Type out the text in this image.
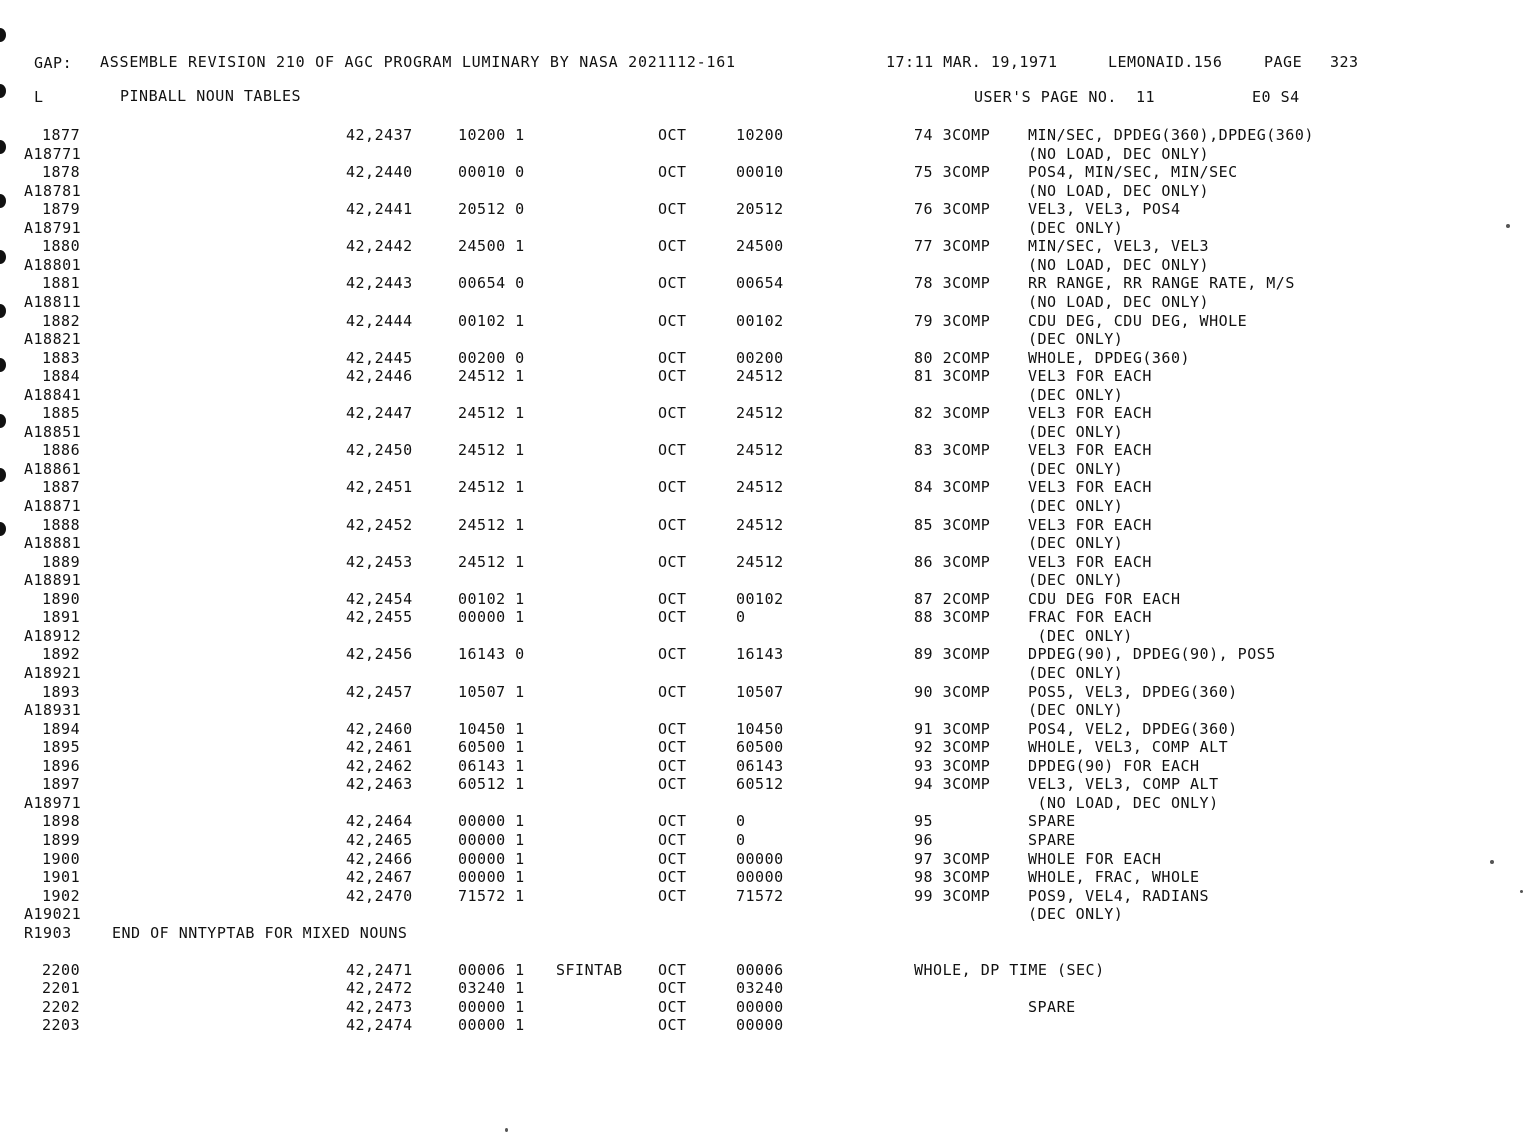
GAP: ASSEMBLE REVISION 210 OF AGC PROGRAM LUMINARY BY NASA 2021112-161	17:11 MAR. 19,1971	LEMONAID.156	PAGE 323
L	PINBALL NOUN TABLES	USER'S PAGE NO.  11	E0 S4
1877	42,2437	10200 1	OCT	10200	74 3COMP	MIN/SEC, DPDEG(360),DPDEG(360)
A18771	(NO LOAD, DEC ONLY)
1878	42,2440	00010 0	OCT	00010	75 3COMP	POS4, MIN/SEC, MIN/SEC
A18781	(NO LOAD, DEC ONLY)
1879	42,2441	20512 0	OCT	20512	76 3COMP	VEL3, VEL3, POS4
A18791	(DEC ONLY)
1880	42,2442	24500 1	OCT	24500	77 3COMP	MIN/SEC, VEL3, VEL3
A18801	(NO LOAD, DEC ONLY)
1881	42,2443	00654 0	OCT	00654	78 3COMP	RR RANGE, RR RANGE RATE, M/S
A18811	(NO LOAD, DEC ONLY)
1882	42,2444	00102 1	OCT	00102	79 3COMP	CDU DEG, CDU DEG, WHOLE
A18821	(DEC ONLY)
1883	42,2445	00200 0	OCT	00200	80 2COMP	WHOLE, DPDEG(360)
1884	42,2446	24512 1	OCT	24512	81 3COMP	VEL3 FOR EACH
A18841	(DEC ONLY)
1885	42,2447	24512 1	OCT	24512	82 3COMP	VEL3 FOR EACH
A18851	(DEC ONLY)
1886	42,2450	24512 1	OCT	24512	83 3COMP	VEL3 FOR EACH
A18861	(DEC ONLY)
1887	42,2451	24512 1	OCT	24512	84 3COMP	VEL3 FOR EACH
A18871	(DEC ONLY)
1888	42,2452	24512 1	OCT	24512	85 3COMP	VEL3 FOR EACH
A18881	(DEC ONLY)
1889	42,2453	24512 1	OCT	24512	86 3COMP	VEL3 FOR EACH
A18891	(DEC ONLY)
1890	42,2454	00102 1	OCT	00102	87 2COMP	CDU DEG FOR EACH
1891	42,2455	00000 1	OCT	0	88 3COMP	FRAC FOR EACH
A18912	(DEC ONLY)
1892	42,2456	16143 0	OCT	16143	89 3COMP	DPDEG(90), DPDEG(90), POS5
A18921	(DEC ONLY)
1893	42,2457	10507 1	OCT	10507	90 3COMP	POS5, VEL3, DPDEG(360)
A18931	(DEC ONLY)
1894	42,2460	10450 1	OCT	10450	91 3COMP	POS4, VEL2, DPDEG(360)
1895	42,2461	60500 1	OCT	60500	92 3COMP	WHOLE, VEL3, COMP ALT
1896	42,2462	06143 1	OCT	06143	93 3COMP	DPDEG(90) FOR EACH
1897	42,2463	60512 1	OCT	60512	94 3COMP	VEL3, VEL3, COMP ALT
A18971	(NO LOAD, DEC ONLY)
1898	42,2464	00000 1	OCT	0	95	SPARE
1899	42,2465	00000 1	OCT	0	96	SPARE
1900	42,2466	00000 1	OCT	00000	97 3COMP	WHOLE FOR EACH
1901	42,2467	00000 1	OCT	00000	98 3COMP	WHOLE, FRAC, WHOLE
1902	42,2470	71572 1	OCT	71572	99 3COMP	POS9, VEL4, RADIANS
A19021	(DEC ONLY)
R1903	END OF NNTYPTAB FOR MIXED NOUNS
2200	42,2471	00006 1 SFINTAB OCT	00006	WHOLE, DP TIME (SEC)
2201	42,2472	03240 1	OCT	03240
2202	42,2473	00000 1	OCT	00000	SPARE
2203	42,2474	00000 1	OCT	00000
